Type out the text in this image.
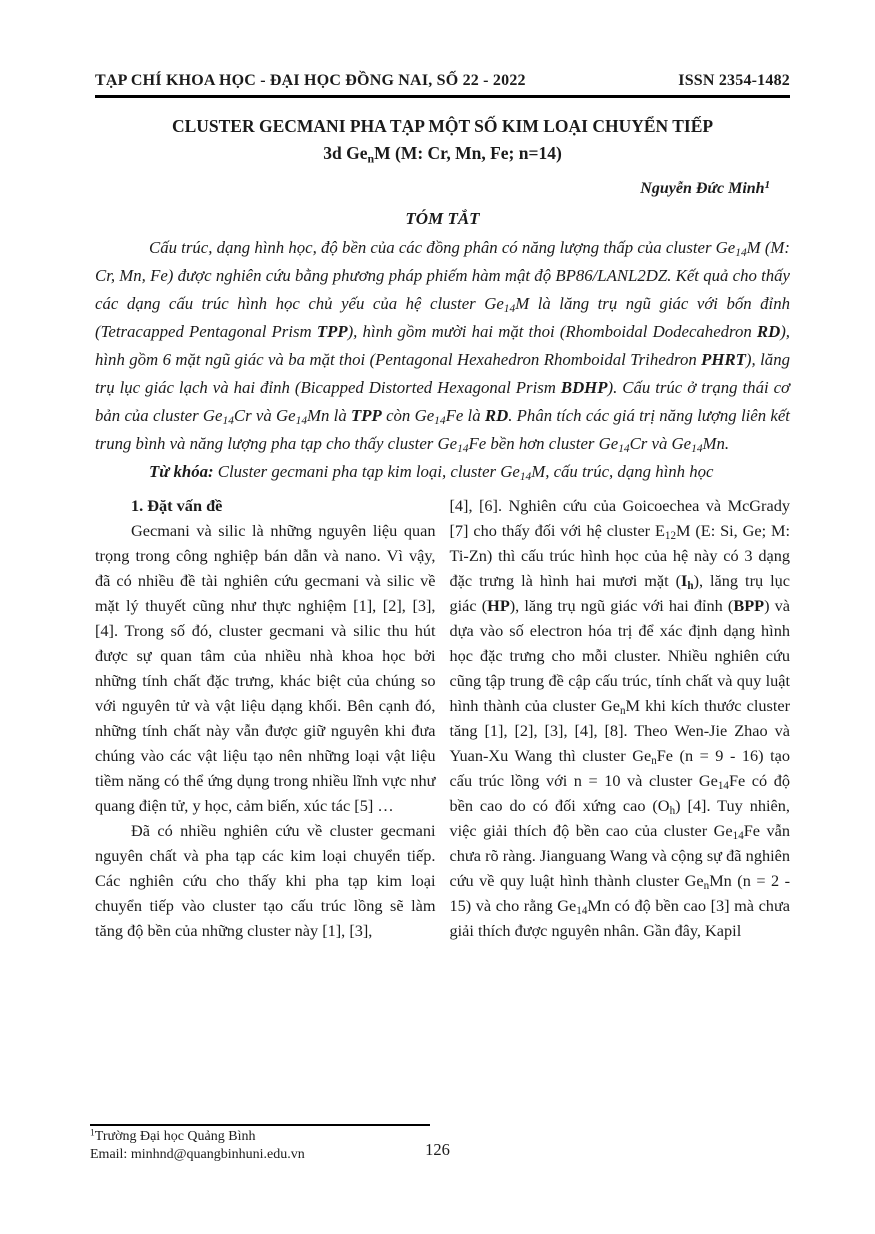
TẠP CHÍ KHOA HỌC - ĐẠI HỌC ĐỒNG NAI, SỐ 22 - 2022	ISSN 2354-1482
CLUSTER GECMANI PHA TẠP MỘT SỐ KIM LOẠI CHUYỂN TIẾP
3d GenM (M: Cr, Mn, Fe; n=14)
Nguyễn Đức Minh$^1$
TÓM TẮT

Cấu trúc, dạng hình học, độ bền của các đồng phân có năng lượng thấp của cluster Ge14M (M: Cr, Mn, Fe) được nghiên cứu bằng phương pháp phiếm hàm mật độ BP86/LANL2DZ. Kết quả cho thấy các dạng cấu trúc hình học chủ yếu của hệ cluster Ge14M là lăng trụ ngũ giác với bốn đỉnh (Tetracapped Pentagonal Prism TPP), hình gồm mười hai mặt thoi (Rhomboidal Dodecahedron RD), hình gồm 6 mặt ngũ giác và ba mặt thoi (Pentagonal Hexahedron Rhomboidal Trihedron PHRT), lăng trụ lục giác lạch và hai đỉnh (Bicapped Distorted Hexagonal Prism BDHP). Cấu trúc ở trạng thái cơ bản của cluster Ge14Cr và Ge14Mn là TPP còn Ge14Fe là RD. Phân tích các giá trị năng lượng liên kết trung bình và năng lượng pha tạp cho thấy cluster Ge14Fe bền hơn cluster Ge14Cr và Ge14Mn.

Từ khóa: Cluster gecmani pha tạp kim loại, cluster Ge14M, cấu trúc, dạng hình học

1. Đặt vấn đề

Gecmani và silic là những nguyên liệu quan trọng trong công nghiệp bán dẫn và nano. Vì vậy, đã có nhiều đề tài nghiên cứu gecmani và silic về mặt lý thuyết cũng như thực nghiệm [1], [2], [3], [4]. Trong số đó, cluster gecmani và silic thu hút được sự quan tâm của nhiều nhà khoa học bởi những tính chất đặc trưng, khác biệt của chúng so với nguyên tử và vật liệu dạng khối. Bên cạnh đó, những tính chất này vẫn được giữ nguyên khi đưa chúng vào các vật liệu tạo nên những loại vật liệu tiềm năng có thể ứng dụng trong nhiều lĩnh vực như quang điện tử, y học, cảm biến, xúc tác [5] …

Đã có nhiều nghiên cứu về cluster gecmani nguyên chất và pha tạp các kim loại chuyển tiếp. Các nghiên cứu cho thấy khi pha tạp kim loại chuyển tiếp vào cluster tạo cấu trúc lồng sẽ làm tăng độ bền của những cluster này [1], [3],

[4], [6]. Nghiên cứu của Goicoechea và McGrady [7] cho thấy đối với hệ cluster E12M (E: Si, Ge; M: Ti-Zn) thì cấu trúc hình học của hệ này có 3 dạng đặc trưng là hình hai mươi mặt (Ih), lăng trụ lục giác (HP), lăng trụ ngũ giác với hai đỉnh (BPP) và dựa vào số electron hóa trị để xác định dạng hình học đặc trưng cho mỗi cluster. Nhiều nghiên cứu cũng tập trung đề cập cấu trúc, tính chất và quy luật hình thành của cluster GenM khi kích thước cluster tăng [1], [2], [3], [4], [8]. Theo Wen-Jie Zhao và Yuan-Xu Wang thì cluster GenFe (n = 9 - 16) tạo cấu trúc lồng với n = 10 và cluster Ge14Fe có độ bền cao do có đối xứng cao (Oh) [4]. Tuy nhiên, việc giải thích độ bền cao của cluster Ge14Fe vẫn chưa rõ ràng. Jianguang Wang và cộng sự đã nghiên cứu về quy luật hình thành cluster GenMn (n = 2 - 15) và cho rằng Ge14Mn có độ bền cao [3] mà chưa giải thích được nguyên nhân. Gần đây, Kapil

$^1$Trường Đại học Quảng Bình
Email: minhnd@quangbinhuni.edu.vn	126
